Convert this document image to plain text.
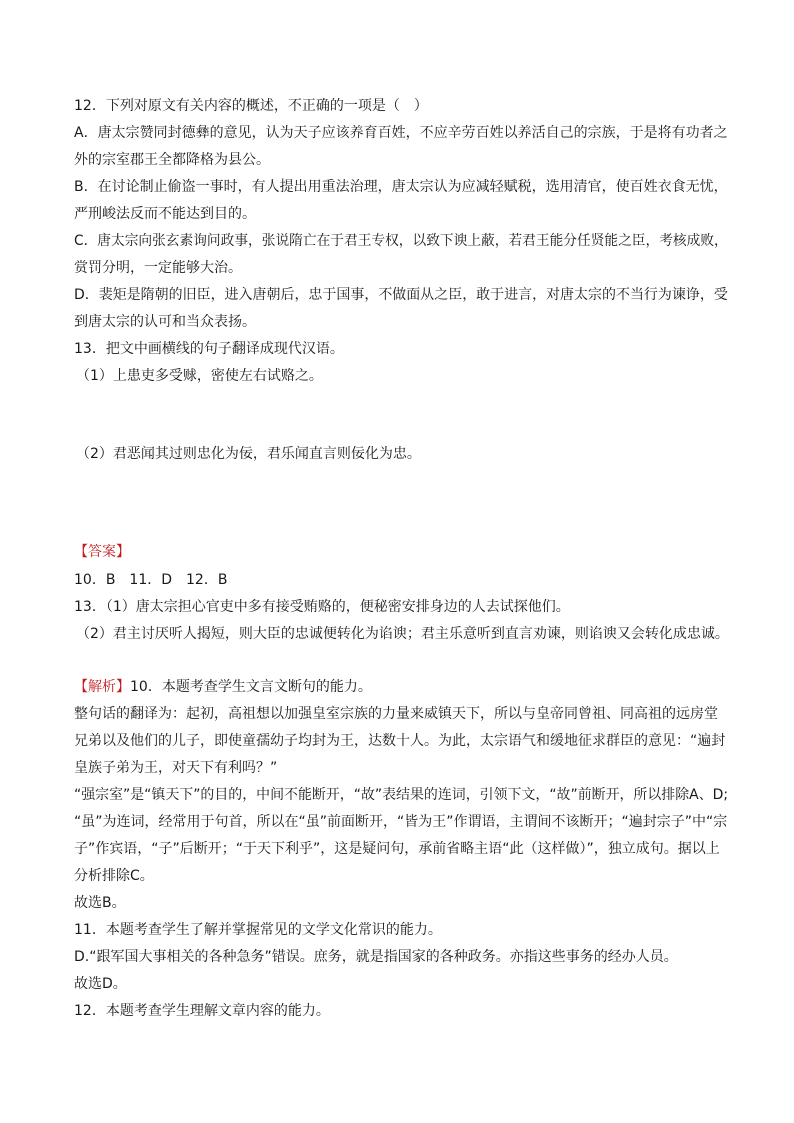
12．下列对原文有关内容的概述，不正确的一项是（　）

A．唐太宗赞同封德彝的意见，认为天子应该养育百姓，不应辛劳百姓以养活自己的宗族，于是将有功者之

外的宗室郡王全都降格为县公。

B．在讨论制止偷盗一事时，有人提出用重法治理，唐太宗认为应减轻赋税，选用清官，使百姓衣食无忧，

严刑峻法反而不能达到目的。

C．唐太宗向张玄素询问政事，张说隋亡在于君王专权，以致下谀上蔽，若君王能分任贤能之臣，考核成败，

赏罚分明，一定能够大治。

D．裴矩是隋朝的旧臣，进入唐朝后，忠于国事，不做面从之臣，敢于进言，对唐太宗的不当行为谏诤，受

到唐太宗的认可和当众表扬。

13．把文中画横线的句子翻译成现代汉语。

（1）上患吏多受赇，密使左右试赂之。

（2）君恶闻其过则忠化为佞，君乐闻直言则佞化为忠。

【答案】

10．B　11．D　12．B

13．（1）唐太宗担心官吏中多有接受贿赂的，便秘密安排身边的人去试探他们。

（2）君主讨厌听人揭短，则大臣的忠诚便转化为谄谀；君主乐意听到直言劝谏，则谄谀又会转化成忠诚。

【解析】10．本题考查学生文言文断句的能力。

整句话的翻译为：起初，高祖想以加强皇室宗族的力量来威镇天下，所以与皇帝同曾祖、同高祖的远房堂

兄弟以及他们的儿子，即使童孺幼子均封为王，达数十人。为此，太宗语气和缓地征求群臣的意见：“遍封

皇族子弟为王，对天下有利吗？”

“强宗室”是“镇天下”的目的，中间不能断开，“故”表结果的连词，引领下文，“故”前断开，所以排除A、D;

“虽”为连词，经常用于句首，所以在“虽”前面断开，“皆为王”作谓语，主谓间不该断开；“遍封宗子”中“宗

子”作宾语，“子”后断开；“于天下利乎”，这是疑问句，承前省略主语“此（这样做）”，独立成句。据以上

分析排除C。

故选B。

11．本题考查学生了解并掌握常见的文学文化常识的能力。

D.“跟军国大事相关的各种急务”错误。庶务，就是指国家的各种政务。亦指这些事务的经办人员。

故选D。

12．本题考查学生理解文章内容的能力。
